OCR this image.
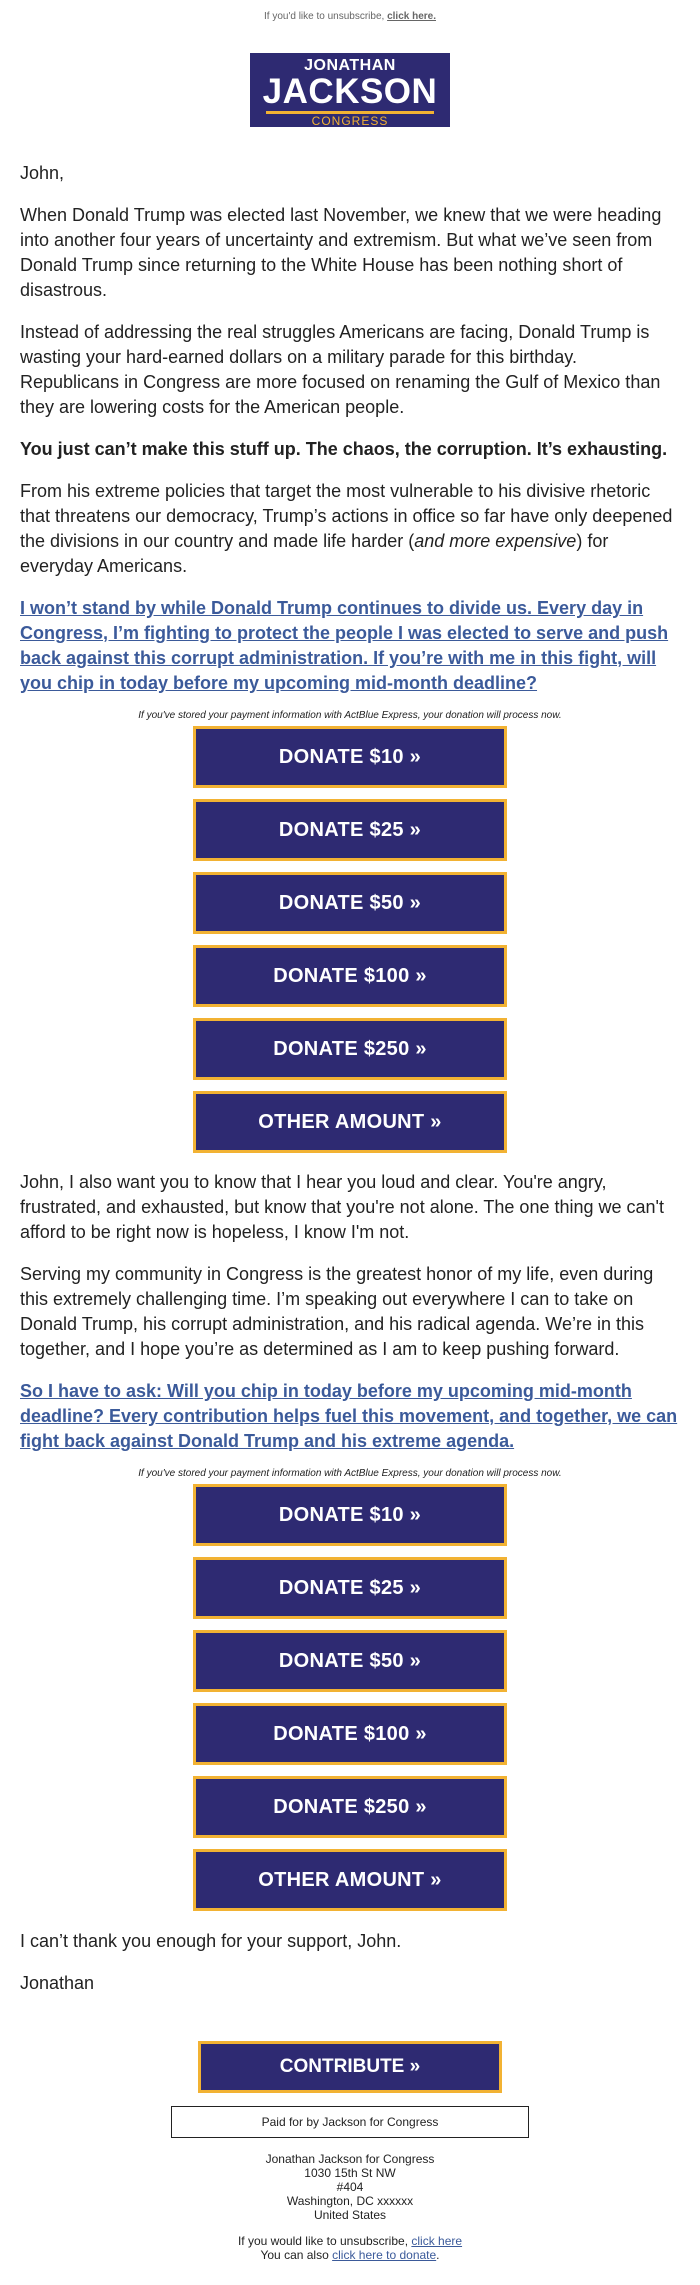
If you'd like to unsubscribe, click here.
JONATHAN
JACKSON
CONGRESS

John,

When Donald Trump was elected last November, we knew that we were heading into another four years of uncertainty and extremism. But what we’ve seen from Donald Trump since returning to the White House has been nothing short of disastrous.

Instead of addressing the real struggles Americans are facing, Donald Trump is wasting your hard-earned dollars on a military parade for this birthday. Republicans in Congress are more focused on renaming the Gulf of Mexico than they are lowering costs for the American people.

You just can’t make this stuff up. The chaos, the corruption. It’s exhausting.

From his extreme policies that target the most vulnerable to his divisive rhetoric that threatens our democracy, Trump’s actions in office so far have only deepened the divisions in our country and made life harder (and more expensive) for everyday Americans.

I won’t stand by while Donald Trump continues to divide us. Every day in Congress, I’m fighting to protect the people I was elected to serve and push back against this corrupt administration. If you’re with me in this fight, will you chip in today before my upcoming mid-month deadline?

If you've stored your payment information with ActBlue Express, your donation will process now.
DONATE $10 »
DONATE $25 »
DONATE $50 »
DONATE $100 »
DONATE $250 »
OTHER AMOUNT »

John, I also want you to know that I hear you loud and clear. You're angry, frustrated, and exhausted, but know that you're not alone. The one thing we can't afford to be right now is hopeless, I know I'm not.

Serving my community in Congress is the greatest honor of my life, even during this extremely challenging time. I’m speaking out everywhere I can to take on Donald Trump, his corrupt administration, and his radical agenda. We’re in this together, and I hope you’re as determined as I am to keep pushing forward.

So I have to ask: Will you chip in today before my upcoming mid-month deadline? Every contribution helps fuel this movement, and together, we can fight back against Donald Trump and his extreme agenda.

If you've stored your payment information with ActBlue Express, your donation will process now.
DONATE $10 »
DONATE $25 »
DONATE $50 »
DONATE $100 »
DONATE $250 »
OTHER AMOUNT »

I can’t thank you enough for your support, John.

Jonathan

CONTRIBUTE »
Paid for by Jackson for Congress
Jonathan Jackson for Congress
1030 15th St NW
#404
Washington, DC xxxxxx
United States
If you would like to unsubscribe, click here
You can also click here to donate.
